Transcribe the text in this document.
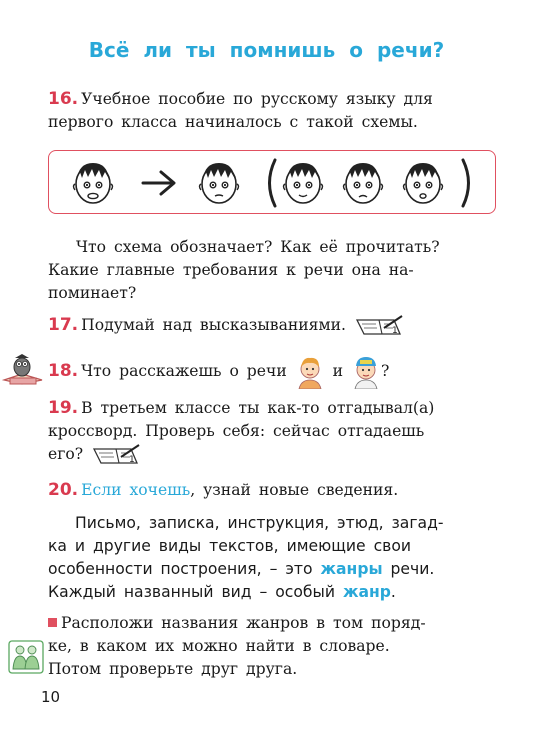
Всё ли ты помнишь о речи?

16. Учебное пособие по русскому языку для
первого класса начиналось с такой схемы.

Что схема обозначает? Как её прочитать?
Какие главные требования к речи она на-
поминает?

17. Подумай над высказываниями.	1

18. Что расскажешь о речи	и ?

19. В третьем классе ты как-то отгадывал(а)
кроссворд. Проверь себя: сейчас отгадаешь
его?	1

20. Если хочешь, узнай новые сведения.

Письмо, записка, инструкция, этюд, загад-
ка и другие виды текстов, имеющие свои
особенности построения, – это жанры речи.
Каждый названный вид – особый жанр.

Расположи названия жанров в том поряд-
ке, в каком их можно найти в словаре.
Потом проверьте друг друга.

10
